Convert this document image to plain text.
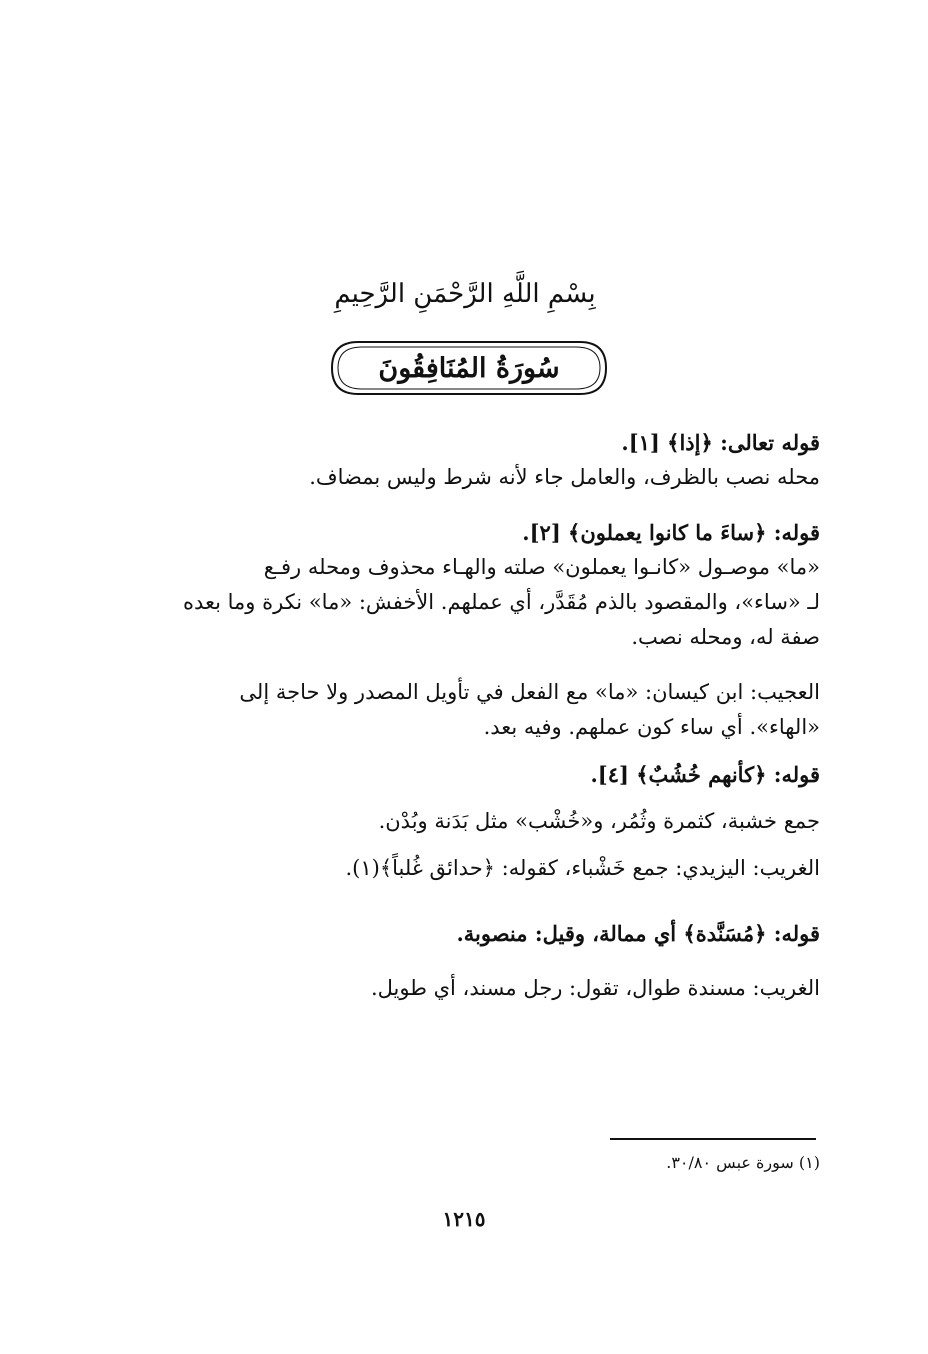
بِسْمِ اللَّهِ الرَّحْمَنِ الرَّحِيمِ
سُورَةُ المُنَافِقُونَ

قوله تعالى: ﴿إذا﴾ [١].

محله نصب بالظرف، والعامل جاء لأنه شرط وليس بمضاف.

قوله: ﴿ساءَ ما كانوا يعملون﴾ [٢].

«ما» موصـول «كانـوا يعملون» صلته والهـاء محذوف ومحله رفـع

لـ «ساء»، والمقصود بالذم مُقَدَّر، أي عملهم. الأخفش: «ما» نكرة وما بعده

صفة له، ومحله نصب.

العجيب: ابن كيسان: «ما» مع الفعل في تأويل المصدر ولا حاجة إلى

«الهاء». أي ساء كون عملهم. وفيه بعد.

قوله: ﴿كأنهم خُشُبٌ﴾ [٤].

جمع خشبة، كثمرة وثُمُر، و«خُشْب» مثل بَدَنة وبُدْن.

الغريب: اليزيدي: جمع خَشْباء، كقوله: ﴿حدائق غُلباً﴾(١).

قوله: ﴿مُسَنَّدة﴾ أي ممالة، وقيل: منصوبة.

الغريب: مسندة طوال، تقول: رجل مسند، أي طويل.

(١) سورة عبس ٣٠/٨٠.
١٢١٥
